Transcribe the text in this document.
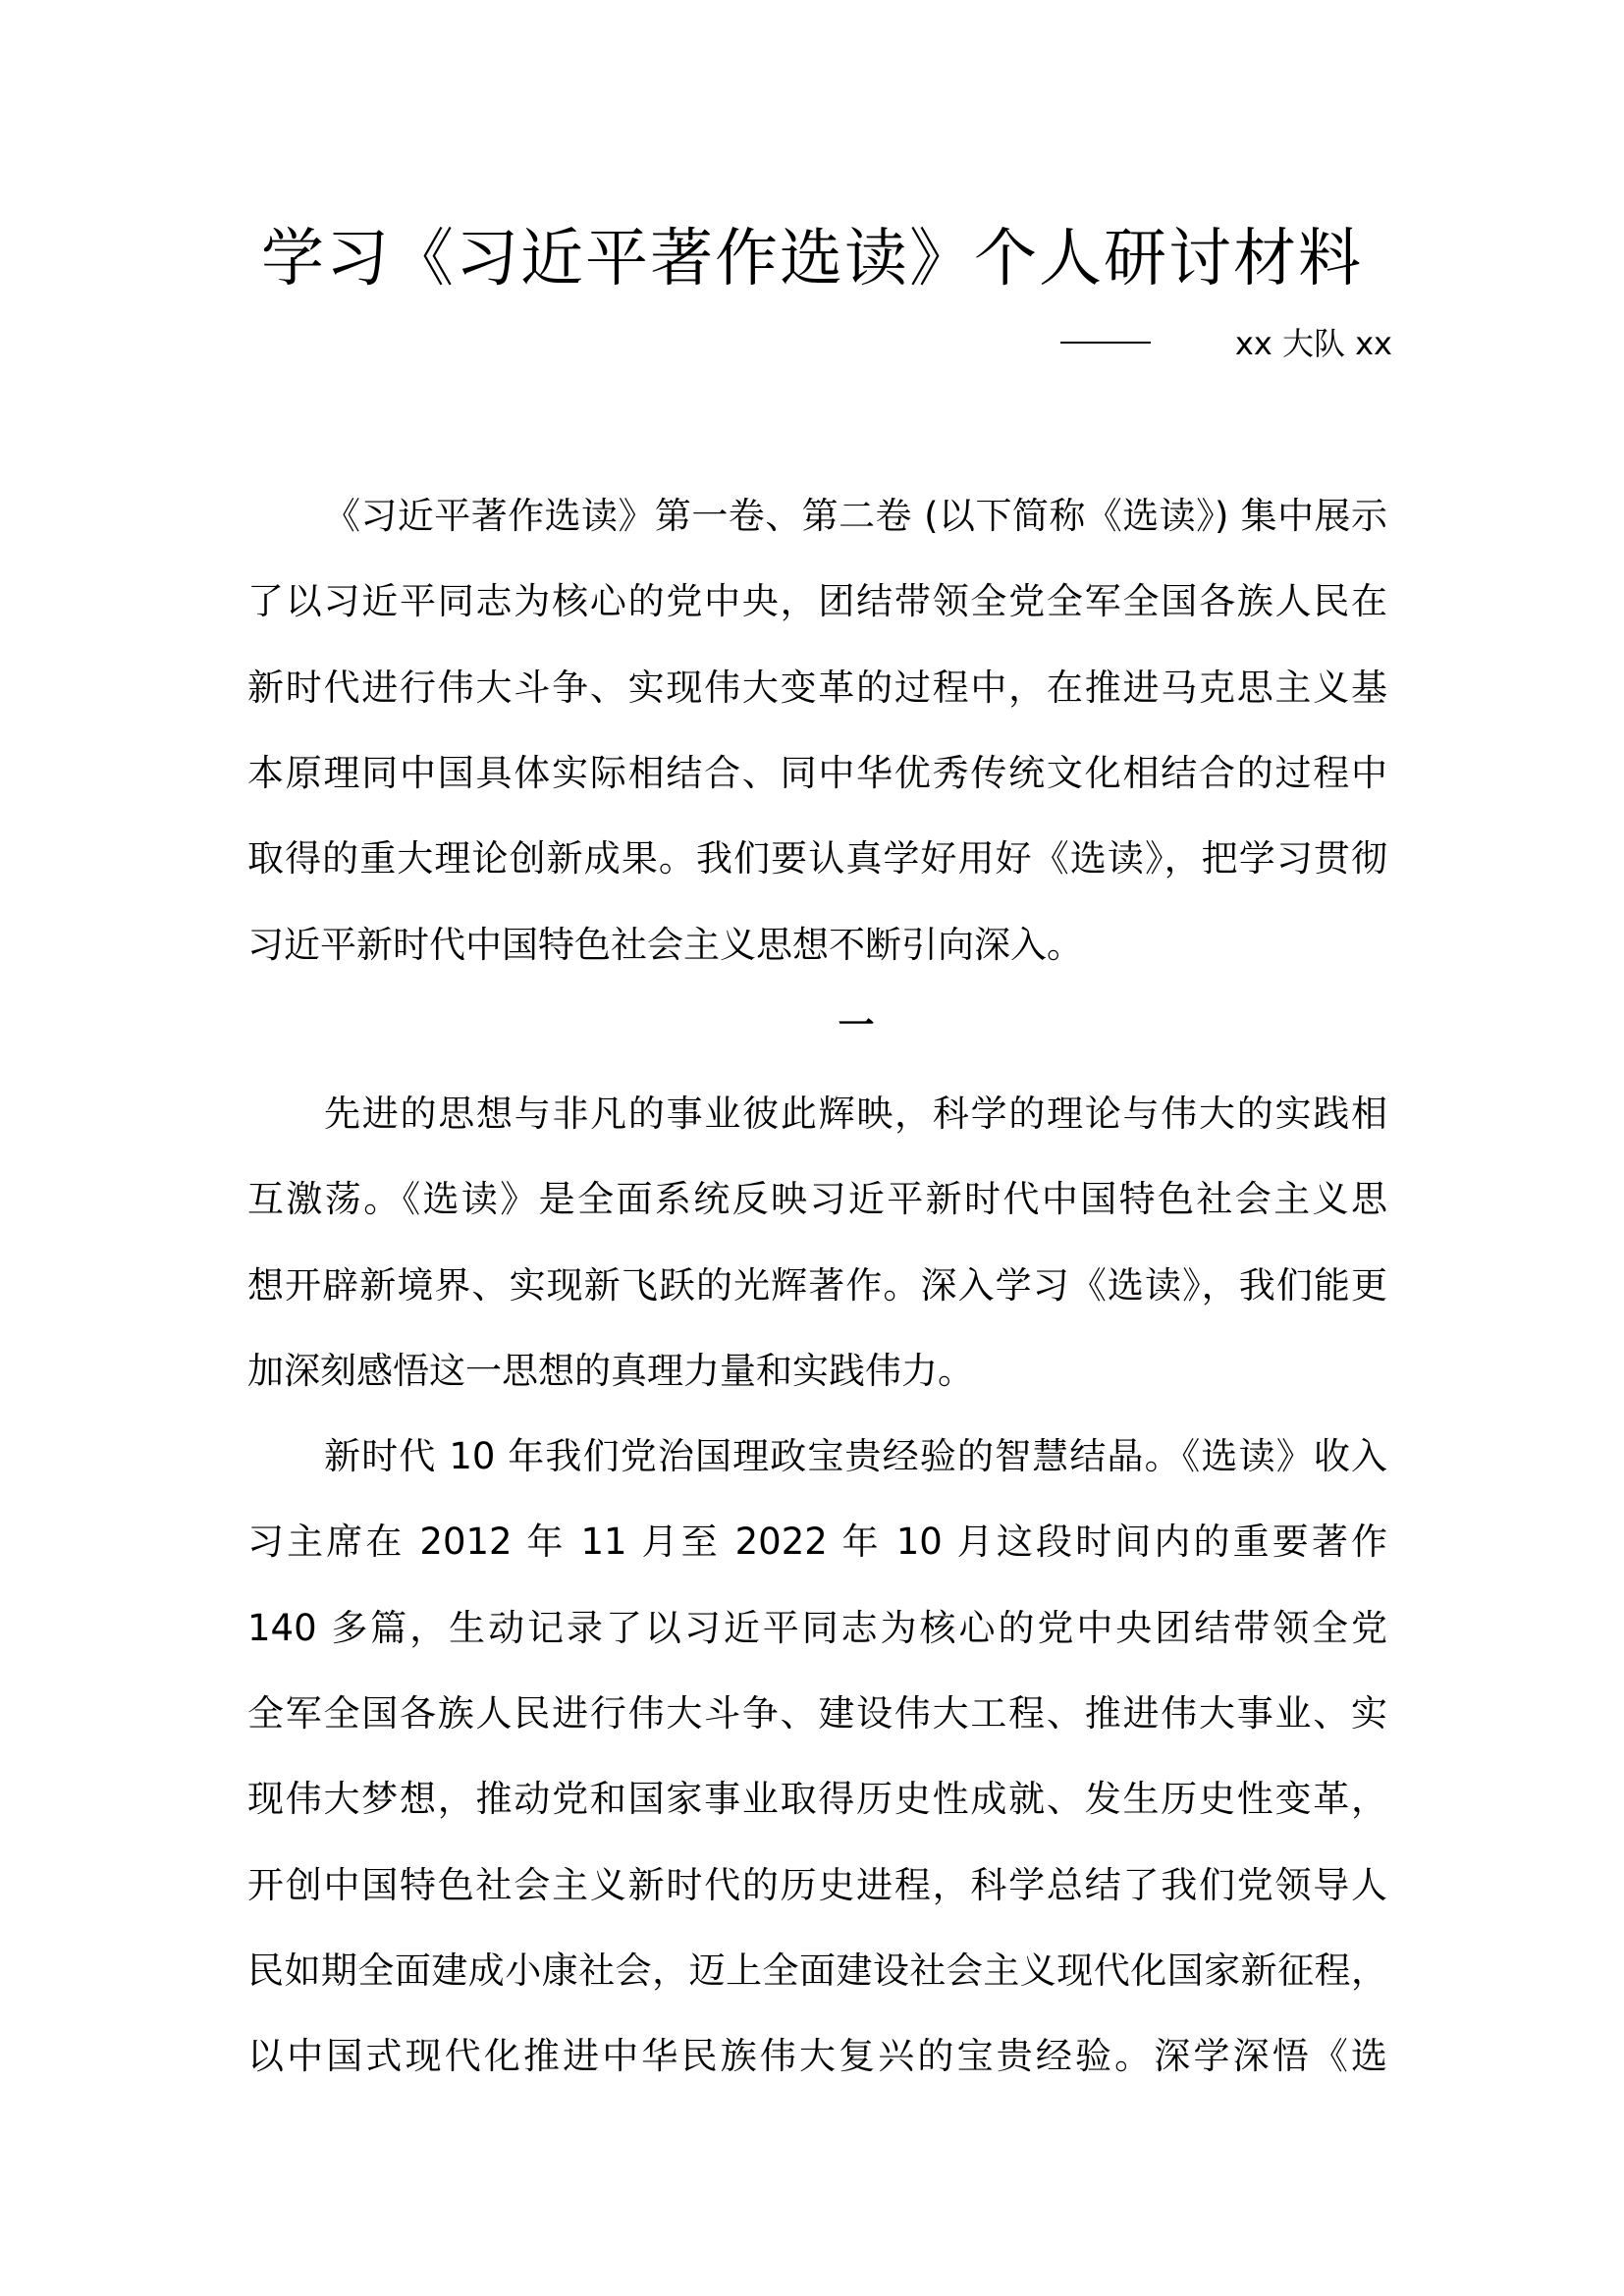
学习《习近平著作选读》个人研讨材料
xx 大队 xx
一
《习近平著作选读》第一卷、第二卷 (以下简称《选读》) 集中展示
了以习近平同志为核心的党中央，团结带领全党全军全国各族人民在
新时代进行伟大斗争、实现伟大变革的过程中，在推进马克思主义基
本原理同中国具体实际相结合、同中华优秀传统文化相结合的过程中
取得的重大理论创新成果。我们要认真学好用好《选读》，把学习贯彻
习近平新时代中国特色社会主义思想不断引向深入。
先进的思想与非凡的事业彼此辉映，科学的理论与伟大的实践相
互激荡。《选读》是全面系统反映习近平新时代中国特色社会主义思
想开辟新境界、实现新飞跃的光辉著作。深入学习《选读》，我们能更
加深刻感悟这一思想的真理力量和实践伟力。
新时代 10 年我们党治国理政宝贵经验的智慧结晶。《选读》收入
习主席在 2012 年 11 月至 2022 年 10 月这段时间内的重要著作
140 多篇，生动记录了以习近平同志为核心的党中央团结带领全党
全军全国各族人民进行伟大斗争、建设伟大工程、推进伟大事业、实
现伟大梦想，推动党和国家事业取得历史性成就、发生历史性变革，
开创中国特色社会主义新时代的历史进程，科学总结了我们党领导人
民如期全面建成小康社会，迈上全面建设社会主义现代化国家新征程，
以中国式现代化推进中华民族伟大复兴的宝贵经验。深学深悟《选
